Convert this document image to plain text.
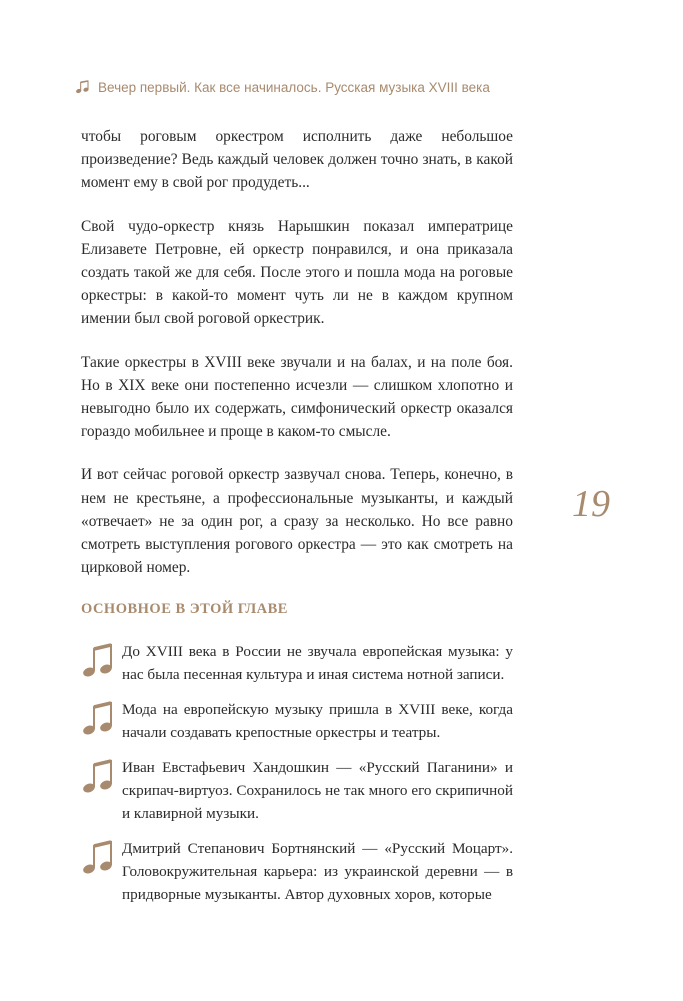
Вечер первый. Как все начиналось. Русская музыка XVIII века

чтобы роговым оркестром исполнить даже небольшое произведение? Ведь каждый человек должен точно знать, в какой момент ему в свой рог продудеть...

Свой чудо-оркестр князь Нарышкин показал императрице Елизавете Петровне, ей оркестр понравился, и она приказала создать такой же для себя. После этого и пошла мода на роговые оркестры: в какой-то момент чуть ли не в каждом крупном имении был свой роговой оркестрик.

Такие оркестры в XVIII веке звучали и на балах, и на поле боя. Но в XIX веке они постепенно исчезли — слишком хлопотно и невыгодно было их содержать, симфонический оркестр оказался гораздо мобильнее и проще в каком-то смысле.

И вот сейчас роговой оркестр зазвучал снова. Теперь, конечно, в нем не крестьяне, а профессиональные музыканты, и каждый «отвечает» не за один рог, а сразу за несколько. Но все равно смотреть выступления рогового оркестра — это как смотреть на цирковой номер.

19
ОСНОВНОЕ В ЭТОЙ ГЛАВЕ
До XVIII века в России не звучала европейская музыка: у нас была песенная культура и иная система нотной записи.
Мода на европейскую музыку пришла в XVIII веке, когда начали создавать крепостные оркестры и театры.
Иван Евстафьевич Хандошкин — «Русский Паганини» и скрипач-виртуоз. Сохранилось не так много его скрипичной и клавирной музыки.
Дмитрий Степанович Бортнянский — «Русский Моцарт». Головокружительная карьера: из украинской деревни — в придворные музыканты. Автор духовных хоров, которые
